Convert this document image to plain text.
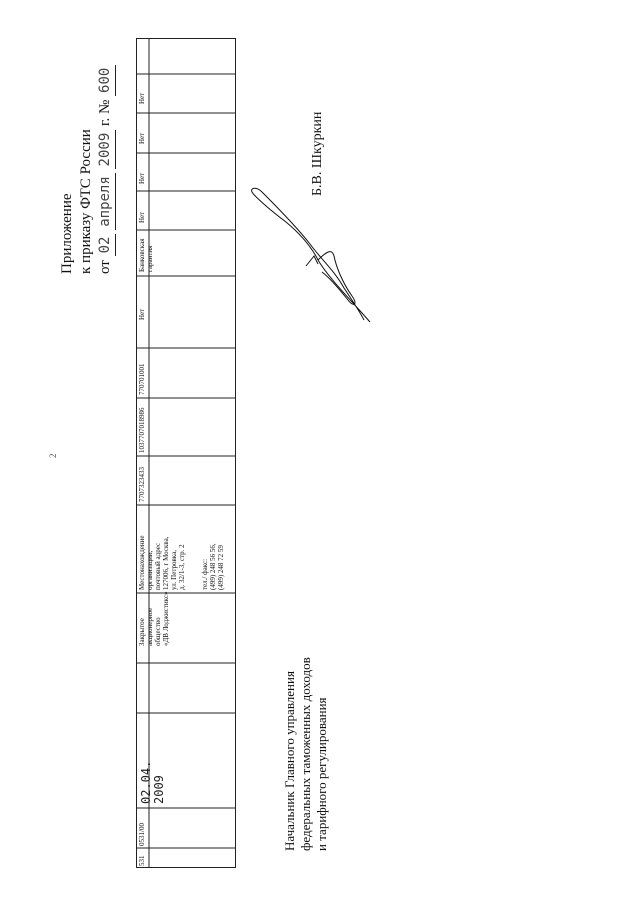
2
Приложение к приказу ФТС России от 02 апреля 2009 г. № 600
531
0531/00
02.04. 2009
Закрытое акционерное общество «ДВ Лоджистикс»
Местонахождение организации, почтовый адрес 127006, г Москва, ул. Петровка, д. 32/1-3, стр. 2 тел./ факс: (499) 248 56 56, (499) 248 72 59
7707323433
1037707018986
770701001
Нет
Банковская гарантия
Нет
Нет
Нет
Нет
Начальник Главного управления федеральных таможенных доходов и тарифного регулирования
Б.В. Шкуркин
